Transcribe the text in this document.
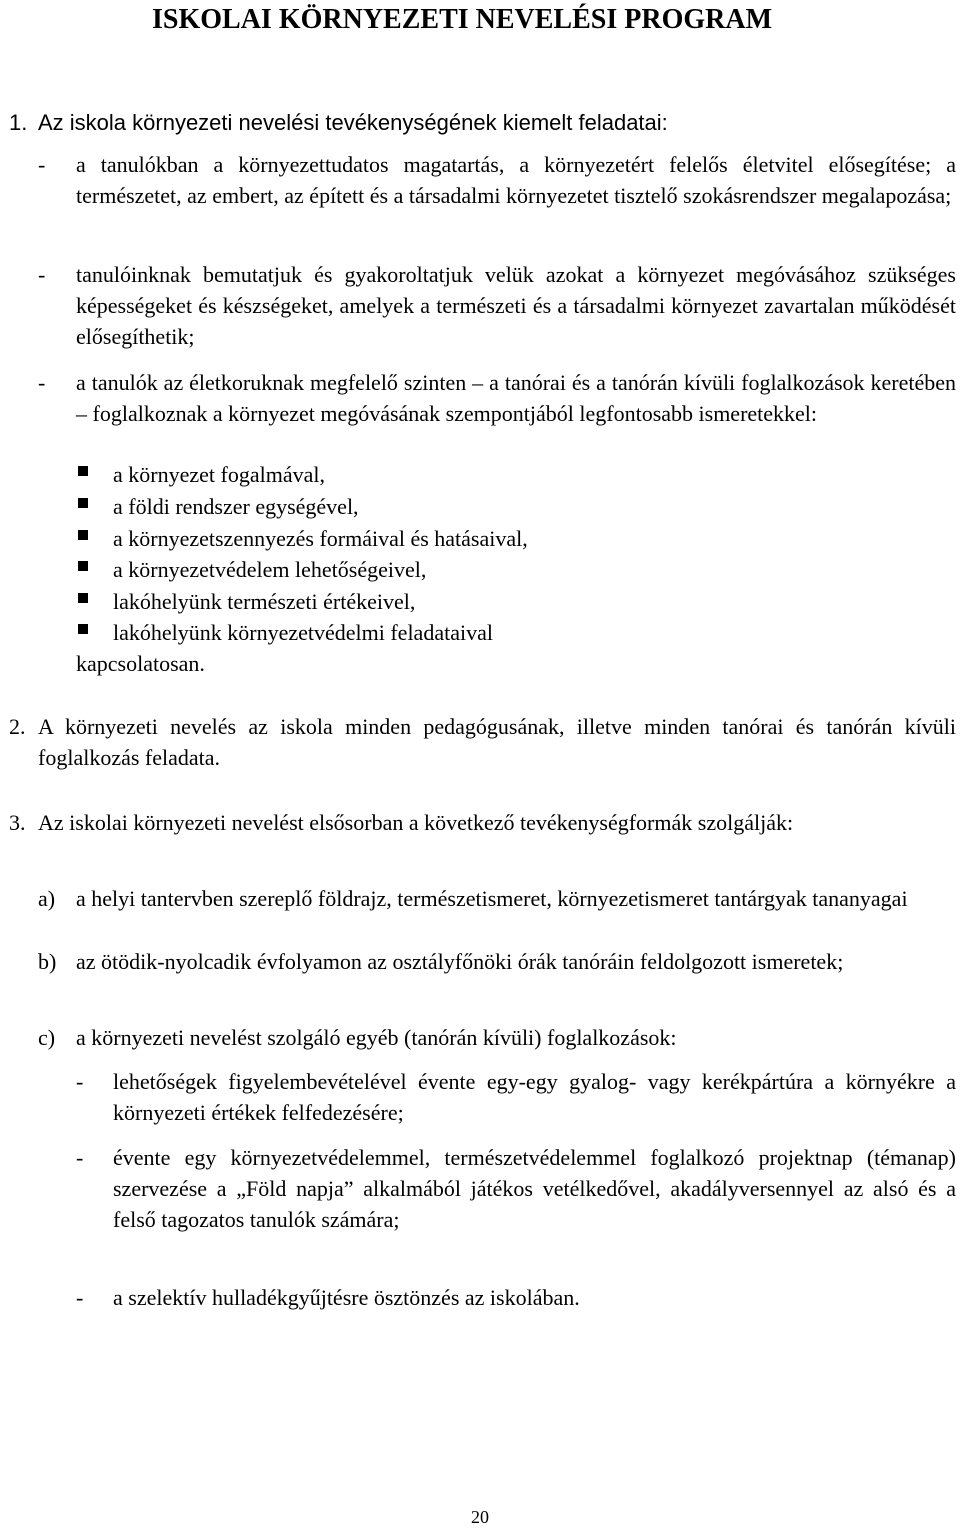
ISKOLAI KÖRNYEZETI NEVELÉSI PROGRAM
1. Az iskola környezeti nevelési tevékenységének kiemelt feladatai:
- a tanulókban a környezettudatos magatartás, a környezetért felelős életvitel elősegítése; a természetet, az embert, az épített és a társadalmi környezetet tisztelő szokásrendszer megalapozása;
- tanulóinknak bemutatjuk és gyakoroltatjuk velük azokat a környezet megóvásához szükséges képességeket és készségeket, amelyek a természeti és a társadalmi környezet zavartalan működését elősegíthetik;
- a tanulók az életkoruknak megfelelő szinten – a tanórai és a tanórán kívüli foglalkozások keretében – foglalkoznak a környezet megóvásának szempontjából legfontosabb ismeretekkel:
a környezet fogalmával,
a földi rendszer egységével,
a környezetszennyezés formáival és hatásaival,
a környezetvédelem lehetőségeivel,
lakóhelyünk természeti értékeivel,
lakóhelyünk környezetvédelmi feladataival
kapcsolatosan.
2. A környezeti nevelés az iskola minden pedagógusának, illetve minden tanórai és tanórán kívüli foglalkozás feladata.
3. Az iskolai környezeti nevelést elsősorban a következő tevékenységformák szolgálják:
a) a helyi tantervben szereplő földrajz, természetismeret, környezetismeret tantárgyak tananyagai
b) az ötödik-nyolcadik évfolyamon az osztályfőnöki órák tanóráin feldolgozott ismeretek;
c) a környezeti nevelést szolgáló egyéb (tanórán kívüli) foglalkozások:
- lehetőségek figyelembevételével évente egy-egy gyalog- vagy kerékpártúra a környékre a környezeti értékek felfedezésére;
- évente egy környezetvédelemmel, természetvédelemmel foglalkozó projektnap (témanap) szervezése a „Föld napja” alkalmából játékos vetélkedővel, akadályversennyel az alsó és a felső tagozatos tanulók számára;
- a szelektív hulladékgyűjtésre ösztönzés az iskolában.
20
